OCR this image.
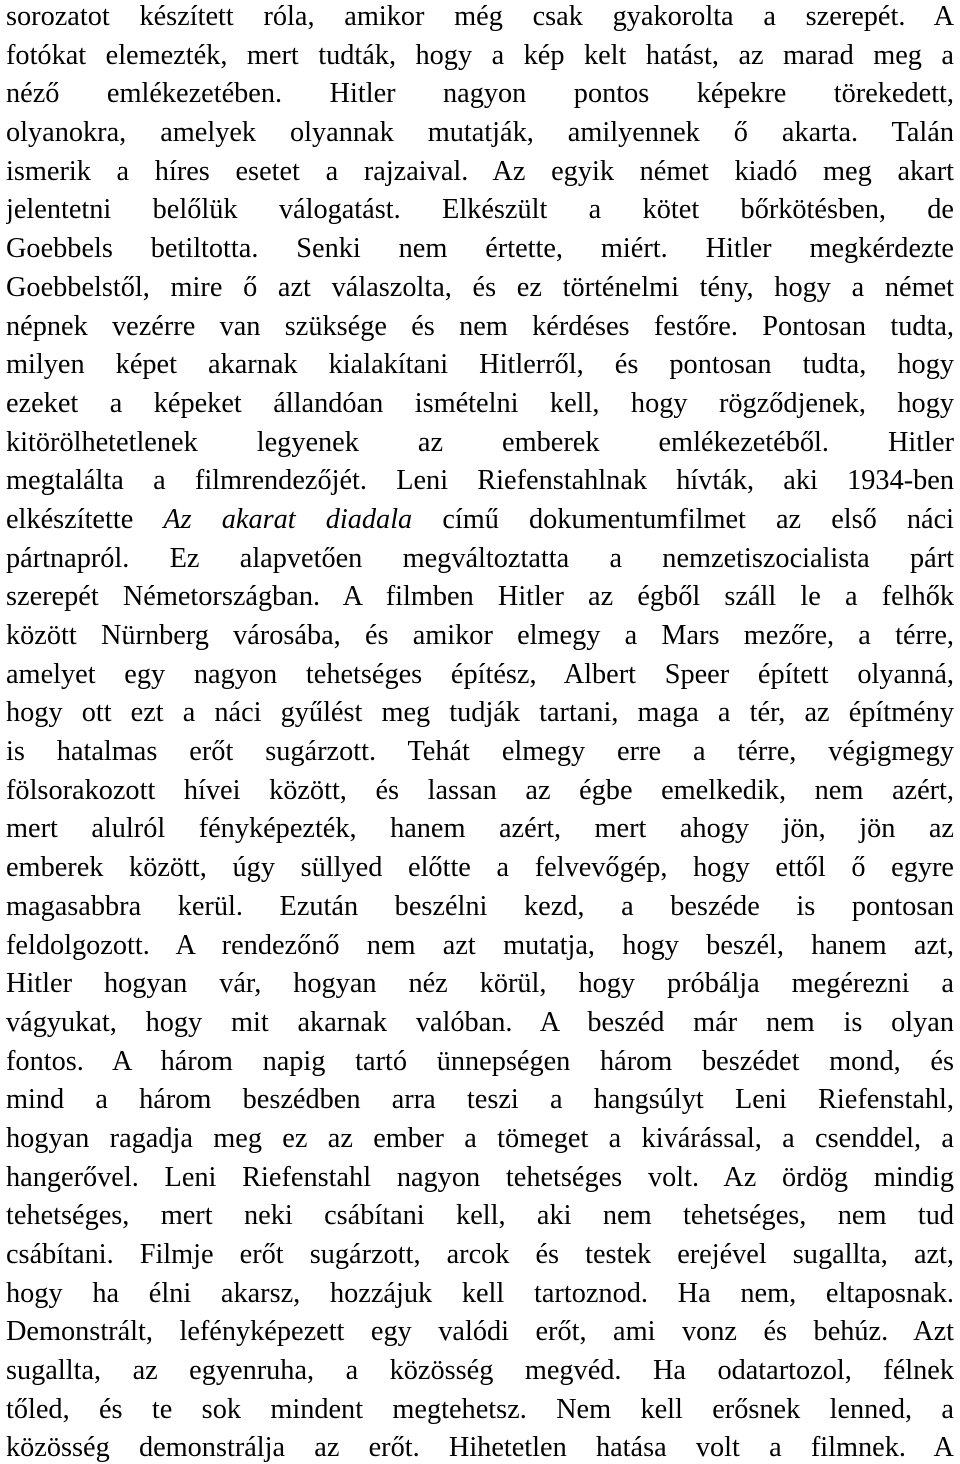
sorozatot készített róla, amikor még csak gyakorolta a szerepét. A
fotókat elemezték, mert tudták, hogy a kép kelt hatást, az marad meg a
néző emlékezetében. Hitler nagyon pontos képekre törekedett,
olyanokra, amelyek olyannak mutatják, amilyennek ő akarta. Talán
ismerik a híres esetet a rajzaival. Az egyik német kiadó meg akart
jelentetni belőlük válogatást. Elkészült a kötet bőrkötésben, de
Goebbels betiltotta. Senki nem értette, miért. Hitler megkérdezte
Goebbelstől, mire ő azt válaszolta, és ez történelmi tény, hogy a német
népnek vezérre van szüksége és nem kérdéses festőre. Pontosan tudta,
milyen képet akarnak kialakítani Hitlerről, és pontosan tudta, hogy
ezeket a képeket állandóan ismételni kell, hogy rögződjenek, hogy
kitörölhetetlenek legyenek az emberek emlékezetéből. Hitler
megtalálta a filmrendezőjét. Leni Riefenstahlnak hívták, aki 1934-ben
elkészítette Az akarat diadala című dokumentumfilmet az első náci
pártnapról. Ez alapvetően megváltoztatta a nemzetiszocialista párt
szerepét Németországban. A filmben Hitler az égből száll le a felhők
között Nürnberg városába, és amikor elmegy a Mars mezőre, a térre,
amelyet egy nagyon tehetséges építész, Albert Speer épített olyanná,
hogy ott ezt a náci gyűlést meg tudják tartani, maga a tér, az építmény
is hatalmas erőt sugárzott. Tehát elmegy erre a térre, végigmegy
fölsorakozott hívei között, és lassan az égbe emelkedik, nem azért,
mert alulról fényképezték, hanem azért, mert ahogy jön, jön az
emberek között, úgy süllyed előtte a felvevőgép, hogy ettől ő egyre
magasabbra kerül. Ezután beszélni kezd, a beszéde is pontosan
feldolgozott. A rendezőnő nem azt mutatja, hogy beszél, hanem azt,
Hitler hogyan vár, hogyan néz körül, hogy próbálja megérezni a
vágyukat, hogy mit akarnak valóban. A beszéd már nem is olyan
fontos. A három napig tartó ünnepségen három beszédet mond, és
mind a három beszédben arra teszi a hangsúlyt Leni Riefenstahl,
hogyan ragadja meg ez az ember a tömeget a kivárással, a csenddel, a
hangerővel. Leni Riefenstahl nagyon tehetséges volt. Az ördög mindig
tehetséges, mert neki csábítani kell, aki nem tehetséges, nem tud
csábítani. Filmje erőt sugárzott, arcok és testek erejével sugallta, azt,
hogy ha élni akarsz, hozzájuk kell tartoznod. Ha nem, eltaposnak.
Demonstrált, lefényképezett egy valódi erőt, ami vonz és behúz. Azt
sugallta, az egyenruha, a közösség megvéd. Ha odatartozol, félnek
tőled, és te sok mindent megtehetsz. Nem kell erősnek lenned, a
közösség demonstrálja az erőt. Hihetetlen hatása volt a filmnek. A
